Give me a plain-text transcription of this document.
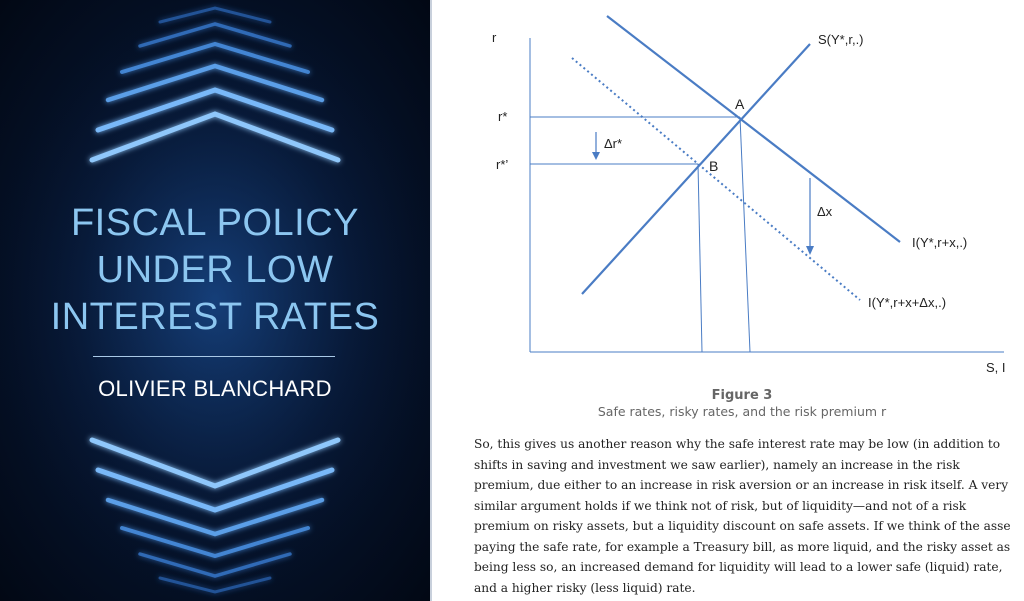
FISCAL POLICY
UNDER LOW
INTEREST RATES
OLIVIER BLANCHARD
r
r*
r*’
Δr*
A
B
Δx
S(Y*,r,.)
I(Y*,r+x,.)
I(Y*,r+x+Δx,.)
S, I
Figure 3
Safe rates, risky rates, and the risk premium r
So, this gives us another reason why the safe interest rate may be low (in addition to
shifts in saving and investment we saw earlier), namely an increase in the risk
premium, due either to an increase in risk aversion or an increase in risk itself. A very
similar argument holds if we think not of risk, but of liquidity—and not of a risk
premium on risky assets, but a liquidity discount on safe assets. If we think of the asse
paying the safe rate, for example a Treasury bill, as more liquid, and the risky asset as
being less so, an increased demand for liquidity will lead to a lower safe (liquid) rate,
and a higher risky (less liquid) rate.
